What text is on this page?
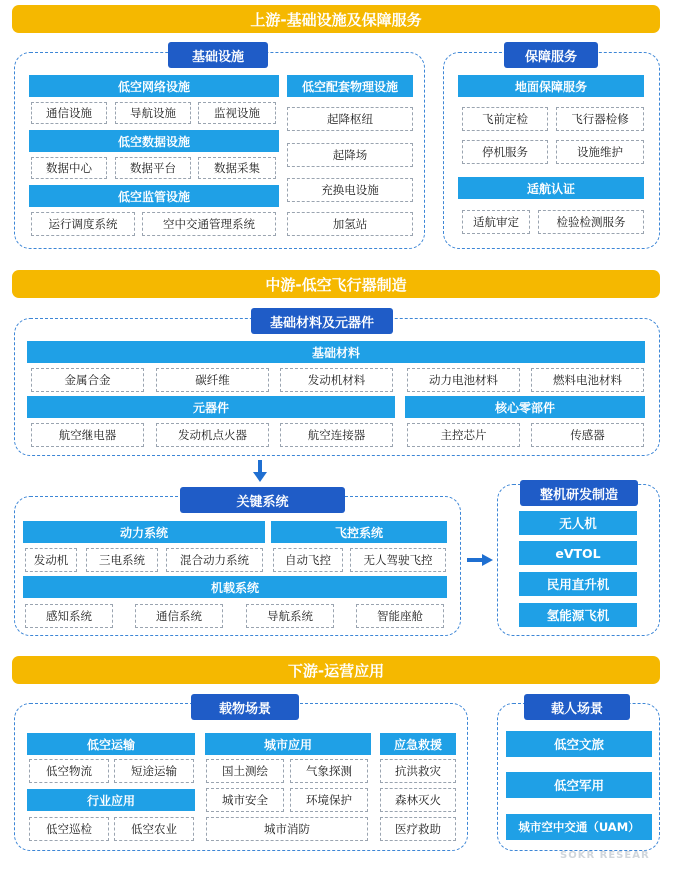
上游-基础设施及保障服务
基础设施
低空网络设施
通信设施	导航设施	监视设施
低空数据设施
数据中心	数据平台	数据采集
低空监管设施
运行调度系统	空中交通管理系统
低空配套物理设施
起降枢纽
起降场
充换电设施
加氢站
保障服务
地面保障服务
飞前定检	飞行器检修
停机服务	设施维护
适航认证
适航审定	检验检测服务
中游-低空飞行器制造
基础材料及元器件
基础材料
金属合金	碳纤维	发动机材料	动力电池材料	燃料电池材料
元器件
航空继电器	发动机点火器	航空连接器
核心零部件
主控芯片	传感器
关键系统
动力系统
发动机	三电系统	混合动力系统
飞控系统
自动飞控	无人驾驶飞控
机载系统
感知系统	通信系统	导航系统	智能座舱
整机研发制造
无人机
eVTOL
民用直升机
氢能源飞机
下游-运营应用
载物场景
低空运输
低空物流	短途运输
行业应用
低空巡检	低空农业
城市应用
国土测绘	气象探测
城市安全	环境保护
城市消防
应急救援
抗洪救灾
森林灭火
医疗救助
载人场景
低空文旅
低空军用
城市空中交通（UAM）
SOKR RESEAR
